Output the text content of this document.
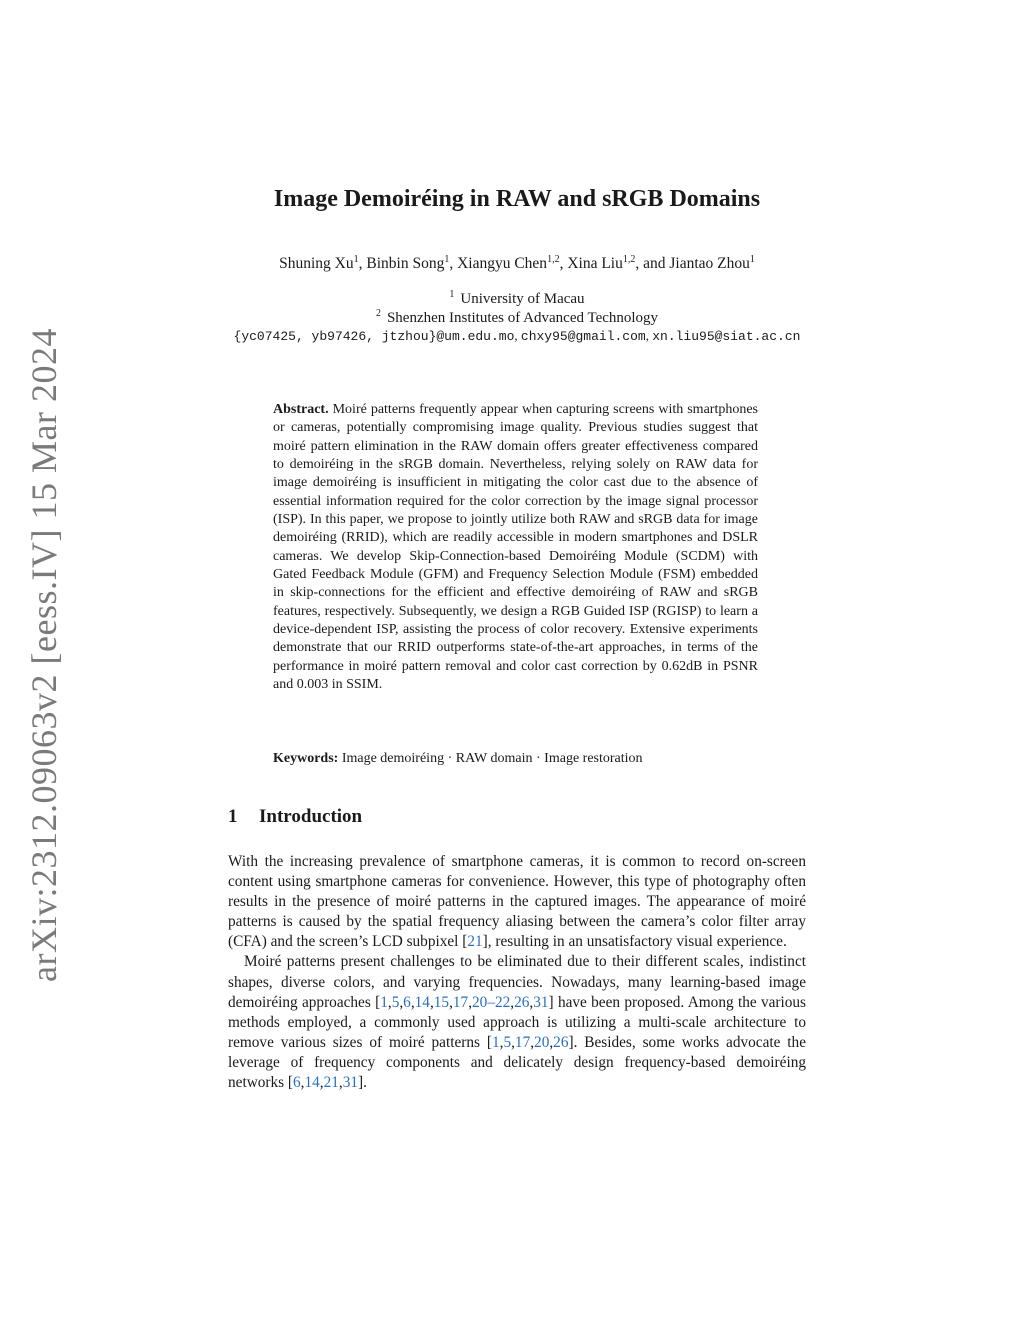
arXiv:2312.09063v2 [eess.IV] 15 Mar 2024
Image Demoiréing in RAW and sRGB Domains
Shuning Xu$^1$, Binbin Song$^1$, Xiangyu Chen$^{1,2}$, Xina Liu$^{1,2}$, and Jiantao Zhou$^1$
$^1$ University of Macau
$^2$ Shenzhen Institutes of Advanced Technology
{yc07425, yb97426, jtzhou}@um.edu.mo, chxy95@gmail.com, xn.liu95@siat.ac.cn
Abstract. Moiré patterns frequently appear when capturing screens with smartphones or cameras, potentially compromising image quality. Previous studies suggest that moiré pattern elimination in the RAW domain offers greater effectiveness compared to demoiréing in the sRGB domain. Nevertheless, relying solely on RAW data for image demoiréing is insufficient in mitigating the color cast due to the absence of essential information required for the color correction by the image signal processor (ISP). In this paper, we propose to jointly utilize both RAW and sRGB data for image demoiréing (RRID), which are readily accessible in modern smartphones and DSLR cameras. We develop Skip-Connection-based Demoiréing Module (SCDM) with Gated Feedback Module (GFM) and Frequency Selection Module (FSM) embedded in skip-connections for the efficient and effective demoiréing of RAW and sRGB features, respectively. Subsequently, we design a RGB Guided ISP (RGISP) to learn a device-dependent ISP, assisting the process of color recovery. Extensive experiments demonstrate that our RRID outperforms state-of-the-art approaches, in terms of the performance in moiré pattern removal and color cast correction by 0.62dB in PSNR and 0.003 in SSIM.
Keywords: Image demoiréing · RAW domain · Image restoration
1 Introduction

With the increasing prevalence of smartphone cameras, it is common to record on-screen content using smartphone cameras for convenience. However, this type of photography often results in the presence of moiré patterns in the captured images. The appearance of moiré patterns is caused by the spatial frequency aliasing between the camera’s color filter array (CFA) and the screen’s LCD subpixel [21], resulting in an unsatisfactory visual experience.

Moiré patterns present challenges to be eliminated due to their different scales, indistinct shapes, diverse colors, and varying frequencies. Nowadays, many learning-based image demoiréing approaches [1,5,6,14,15,17,20–22,26,31] have been proposed. Among the various methods employed, a commonly used approach is utilizing a multi-scale architecture to remove various sizes of moiré patterns [1,5,17,20,26]. Besides, some works advocate the leverage of frequency components and delicately design frequency-based demoiréing networks [6,14,21,31].
